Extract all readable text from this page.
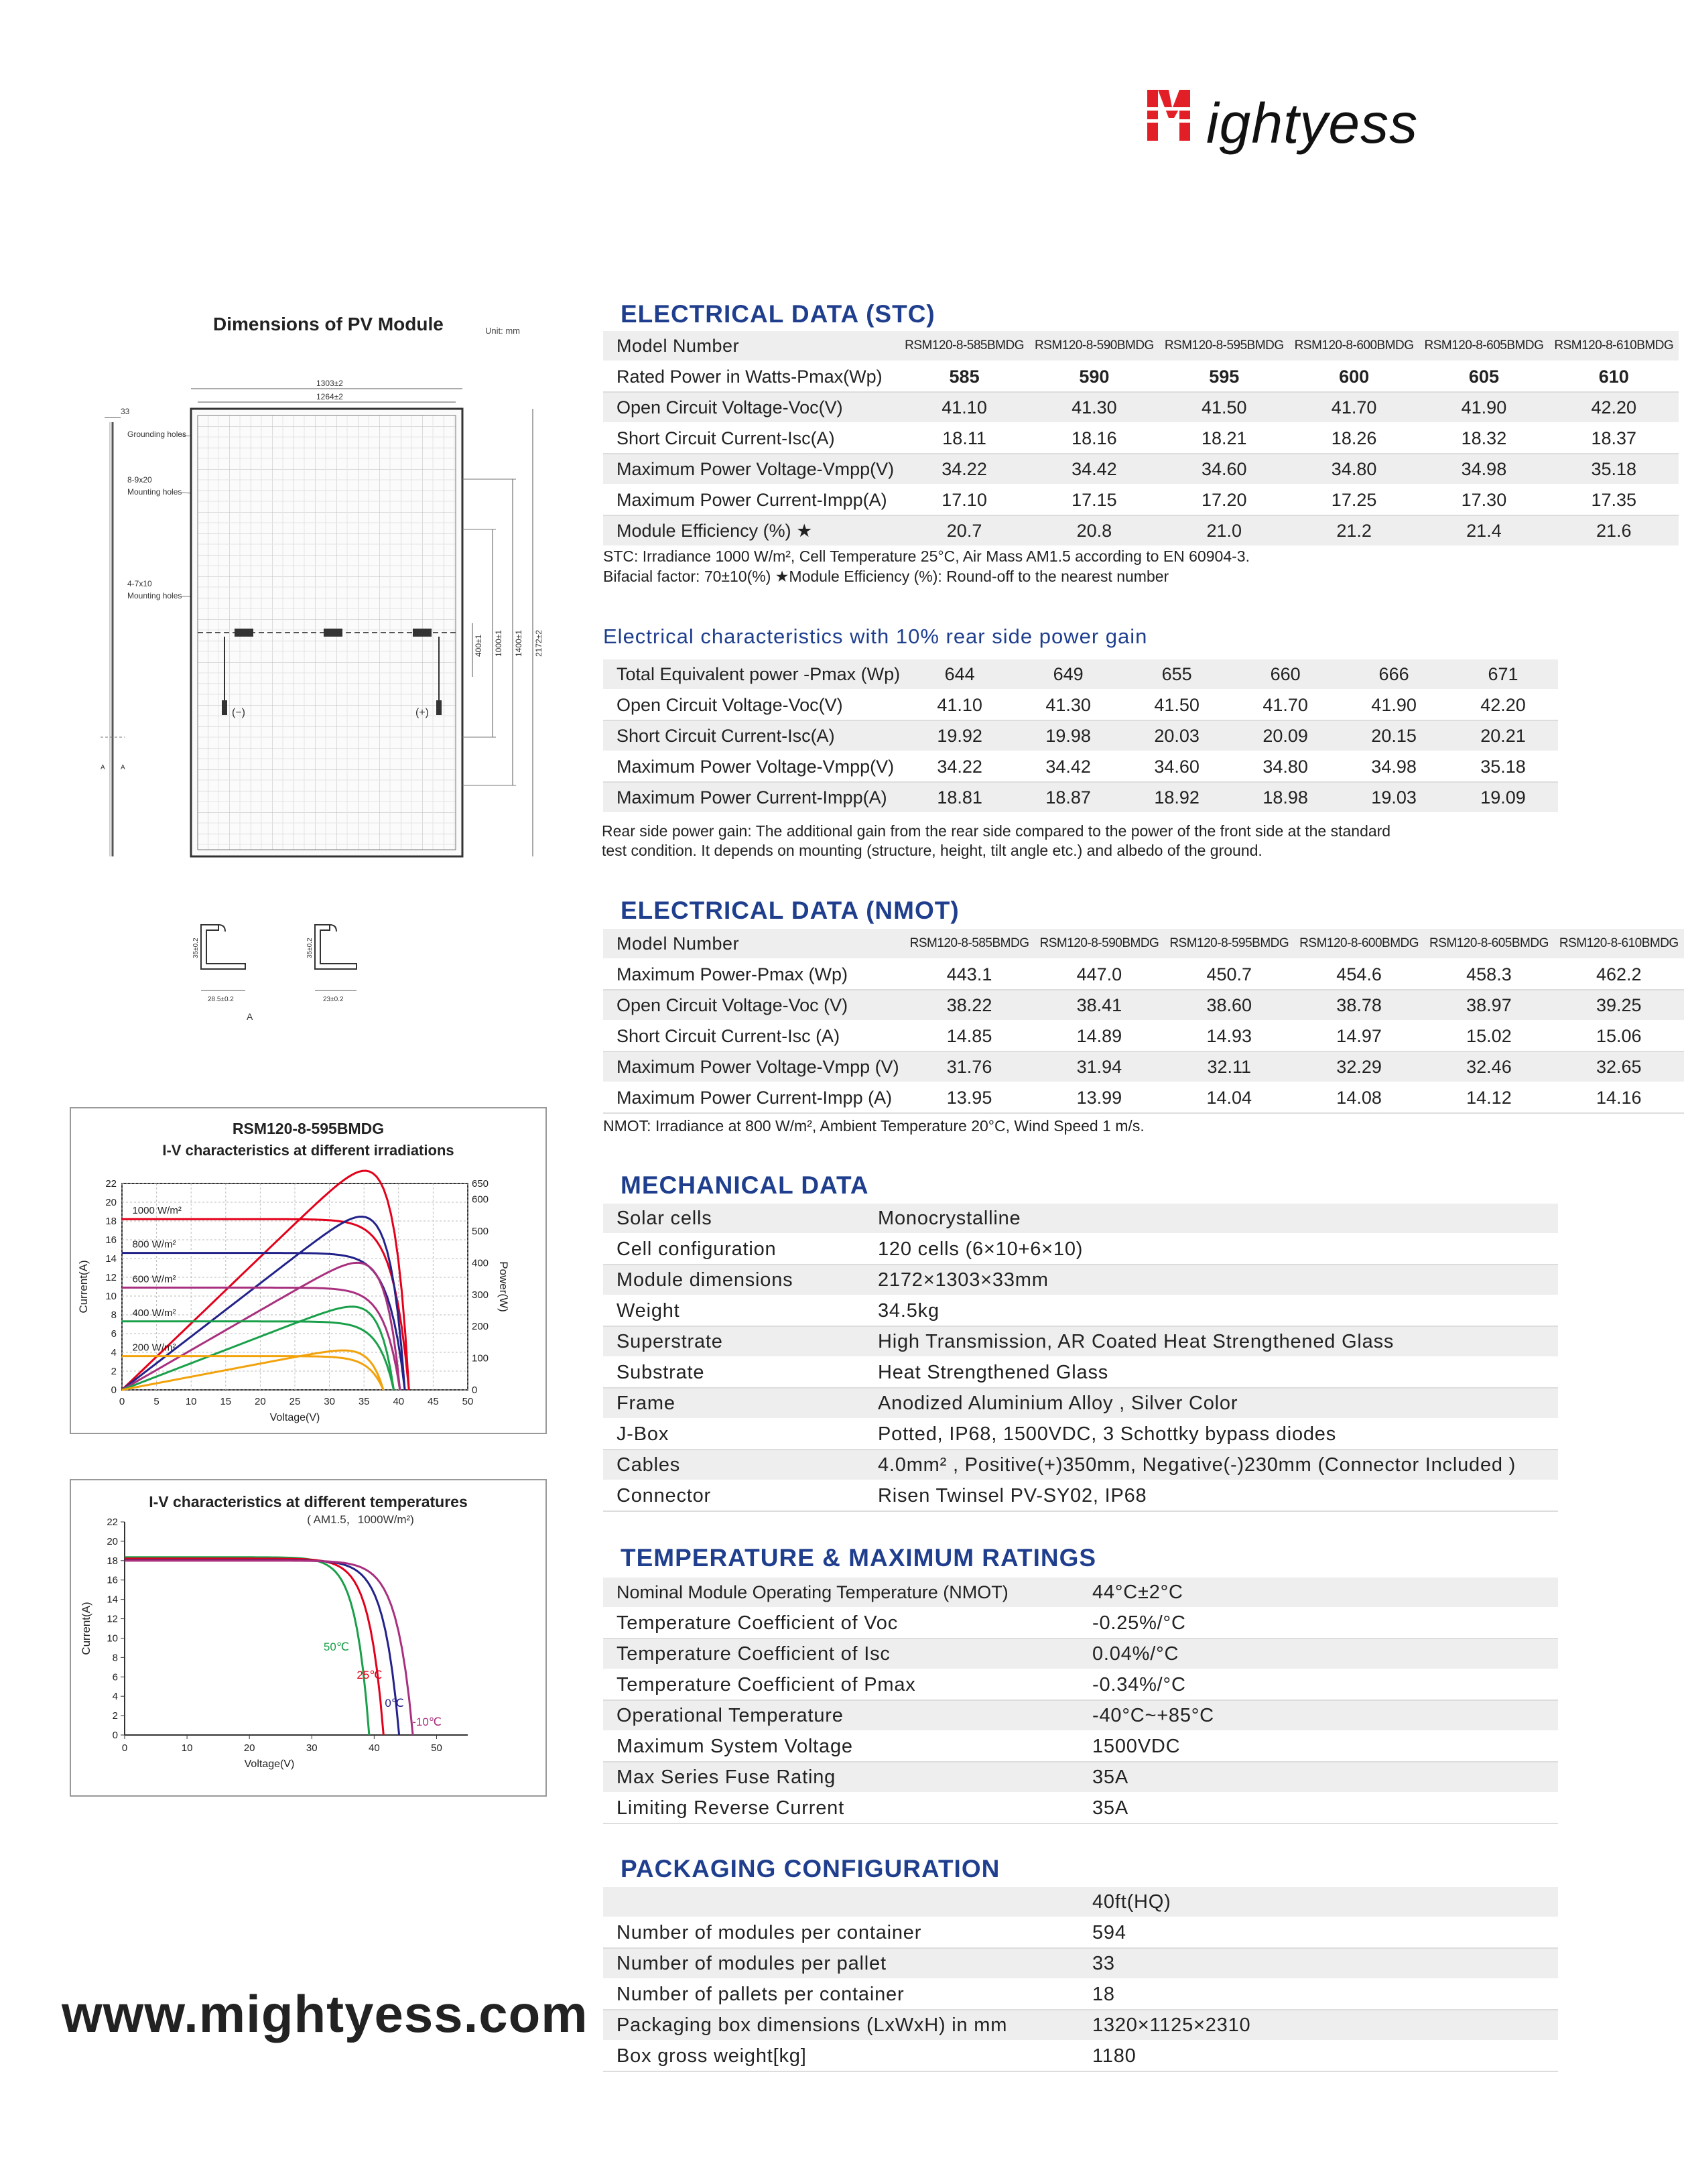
ightyess
Dimensions of PV Module	Unit: mm
33
A A
Grounding holes
8-9x20
Mounting holes
4-7x10
Mounting holes
1303±2
1264±2
(−)	(+)
400±1 1000±1 1400±1 2172±2
35±0.2
28.5±0.2
A
35±0.2
23±0.2
RSM120-8-595BMDG
I-V characteristics at different irradiations
0	5	10 15 20 25 30 35 40 45 50
0
2
4
6
8
10
12
14
16
18
20
22
0
100
200
300
400
500
600
650
Voltage(V)
Current(A)	Power(W)
1000 W/m²
800 W/m²
600 W/m²
400 W/m²
200 W/m²
I-V characteristics at different temperatures
( AM1.5，1000W/m²)
0	10	20	30	40	50
0
2
4
6
8
10
12
14
16
18
20
22
Voltage(V)
Current(A)	50℃
25℃
0℃
-10℃
www.mightyess.com
ELECTRICAL DATA (STC)
Model Number	RSM120-8-585BMDG	RSM120-8-590BMDG	RSM120-8-595BMDG	RSM120-8-600BMDG	RSM120-8-605BMDG	RSM120-8-610BMDG
Rated Power in Watts-Pmax(Wp)	585	590	595	600	605	610
Open Circuit Voltage-Voc(V)	41.10	41.30	41.50	41.70	41.90	42.20
Short Circuit Current-Isc(A)	18.11	18.16	18.21	18.26	18.32	18.37
Maximum Power Voltage-Vmpp(V)	34.22	34.42	34.60	34.80	34.98	35.18
Maximum Power Current-Impp(A)	17.10	17.15	17.20	17.25	17.30	17.35
Module Efficiency (%) ★	20.7	20.8	21.0	21.2	21.4	21.6
STC: Irradiance 1000 W/m², Cell Temperature 25°C, Air Mass AM1.5 according to EN 60904-3.
Bifacial factor: 70±10(%) ★Module Efficiency (%): Round-off to the nearest number
Electrical characteristics with 10% rear side power gain
Total Equivalent power -Pmax (Wp)	644	649	655	660	666	671
Open Circuit Voltage-Voc(V)	41.10	41.30	41.50	41.70	41.90	42.20
Short Circuit Current-Isc(A)	19.92	19.98	20.03	20.09	20.15	20.21
Maximum Power Voltage-Vmpp(V)	34.22	34.42	34.60	34.80	34.98	35.18
Maximum Power Current-Impp(A)	18.81	18.87	18.92	18.98	19.03	19.09
Rear side power gain: The additional gain from the rear side compared to the power of the front side at the standard
test condition. It depends on mounting (structure, height, tilt angle etc.) and albedo of the ground.
ELECTRICAL DATA (NMOT)
Model Number	RSM120-8-585BMDG	RSM120-8-590BMDG	RSM120-8-595BMDG	RSM120-8-600BMDG	RSM120-8-605BMDG	RSM120-8-610BMDG
Maximum Power-Pmax (Wp)	443.1	447.0	450.7	454.6	458.3	462.2
Open Circuit Voltage-Voc (V)	38.22	38.41	38.60	38.78	38.97	39.25
Short Circuit Current-Isc (A)	14.85	14.89	14.93	14.97	15.02	15.06
Maximum Power Voltage-Vmpp (V)	31.76	31.94	32.11	32.29	32.46	32.65
Maximum Power Current-Impp (A)	13.95	13.99	14.04	14.08	14.12	14.16
NMOT: Irradiance at 800 W/m², Ambient Temperature 20°C, Wind Speed 1 m/s.
MECHANICAL DATA
Solar cells	Monocrystalline
Cell configuration	120 cells (6×10+6×10)
Module dimensions	2172×1303×33mm
Weight	34.5kg
Superstrate	High Transmission, AR Coated Heat Strengthened Glass
Substrate	Heat Strengthened Glass
Frame	Anodized Aluminium Alloy , Silver Color
J-Box	Potted, IP68, 1500VDC, 3 Schottky bypass diodes
Cables	4.0mm² , Positive(+)350mm, Negative(-)230mm (Connector Included )
Connector	Risen Twinsel PV-SY02, IP68
TEMPERATURE & MAXIMUM RATINGS
Nominal Module Operating Temperature (NMOT)	44°C±2°C
Temperature Coefficient of Voc	-0.25%/°C
Temperature Coefficient of Isc	0.04%/°C
Temperature Coefficient of Pmax	-0.34%/°C
Operational Temperature	-40°C~+85°C
Maximum System Voltage	1500VDC
Max Series Fuse Rating	35A
Limiting Reverse Current	35A
PACKAGING CONFIGURATION
	40ft(HQ)
Number of modules per container	594
Number of modules per pallet	33
Number of pallets per container	18
Packaging box dimensions (LxWxH) in mm	1320×1125×2310
Box gross weight[kg]	1180
